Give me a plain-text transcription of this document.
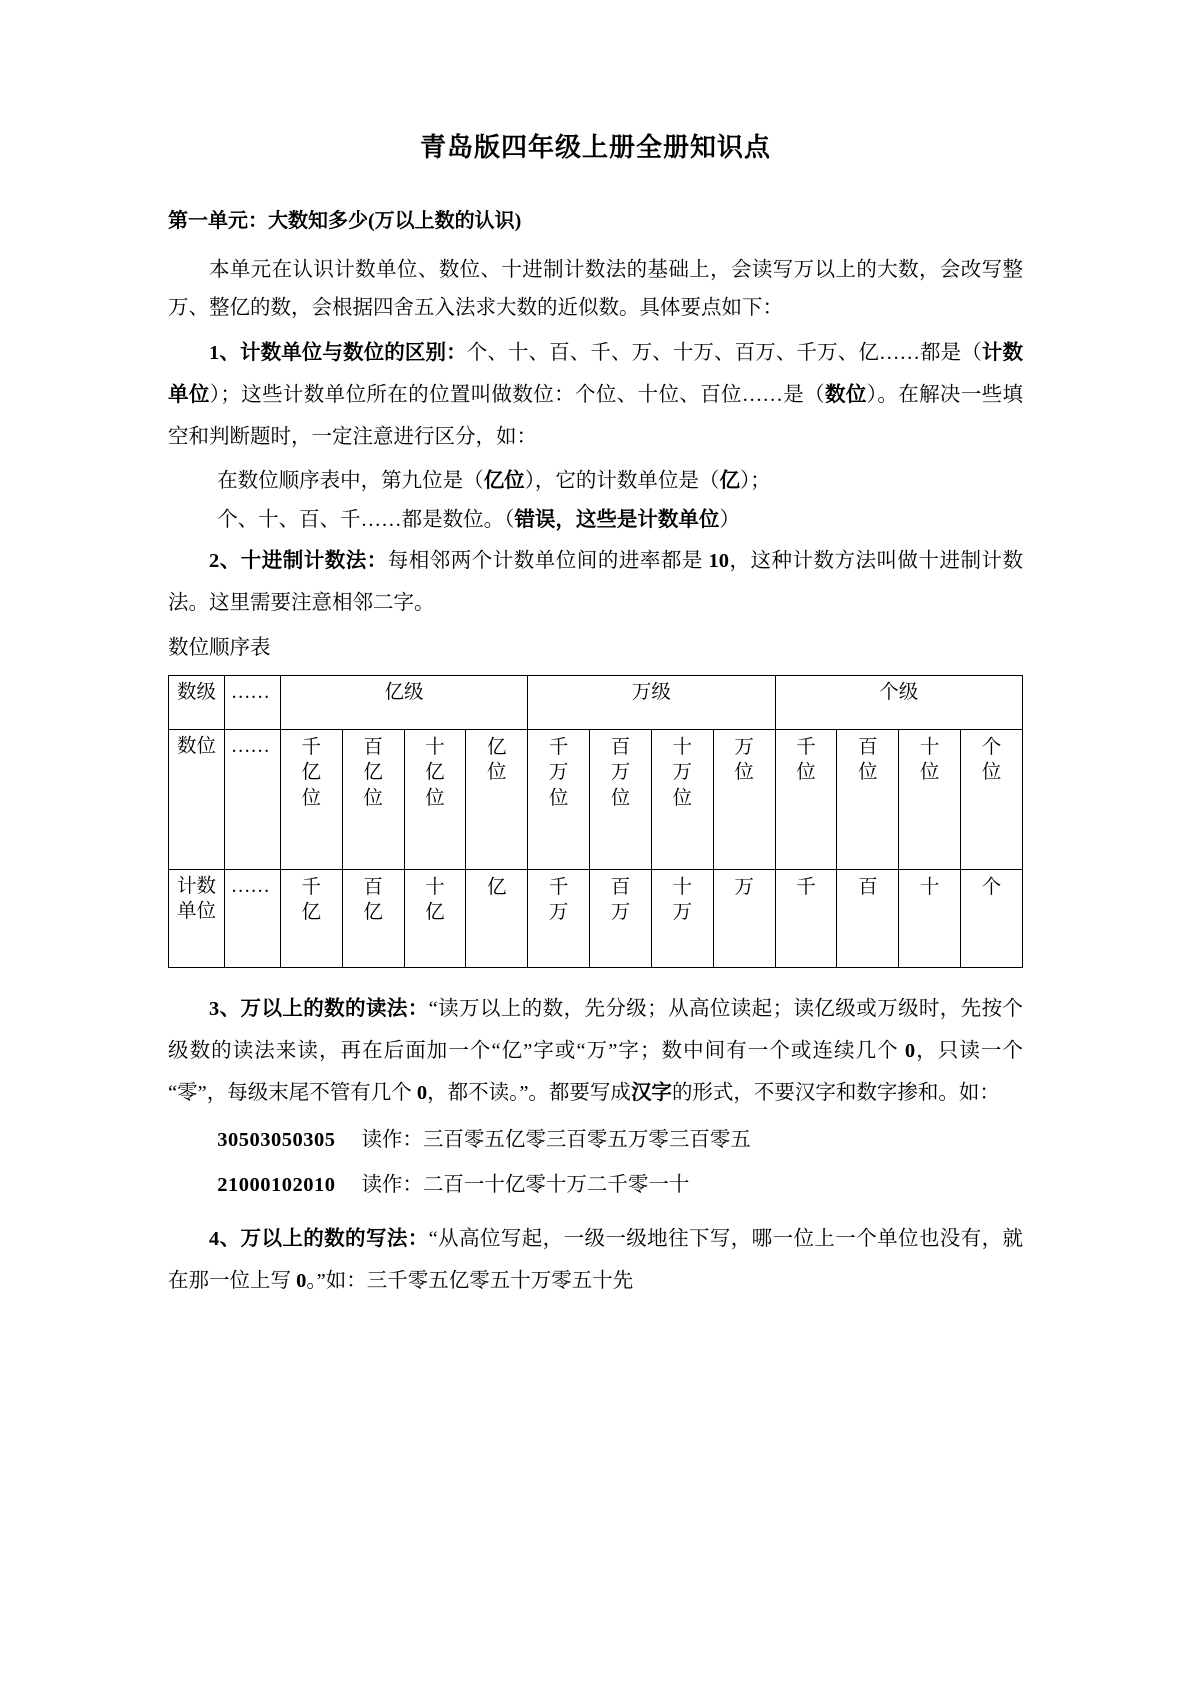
青岛版四年级上册全册知识点
第一单元：大数知多少(万以上数的认识)

本单元在认识计数单位、数位、十进制计数法的基础上，会读写万以上的大数，会改写整万、整亿的数，会根据四舍五入法求大数的近似数。具体要点如下：

1、计数单位与数位的区别：个、十、百、千、万、十万、百万、千万、亿……都是（计数单位）；这些计数单位所在的位置叫做数位：个位、十位、百位……是（数位）。在解决一些填空和判断题时，一定注意进行区分，如：

在数位顺序表中，第九位是（亿位），它的计数单位是（亿）；

个、十、百、千……都是数位。（错误，这些是计数单位）

2、十进制计数法：每相邻两个计数单位间的进率都是 10，这种计数方法叫做十进制计数法。这里需要注意相邻二字。

数位顺序表
数级	……	亿级				万级				个级			
数位	……	千
亿
位	百
亿
位	十
亿
位	亿
位	千
万
位	百
万
位	十
万
位	万
位	千
位	百
位	十
位	个
位

计数单位	……	千
亿	百
亿	十
亿	亿	千
万	百
万	十
万	万	千	百	十	个

3、万以上的数的读法：“读万以上的数，先分级；从高位读起；读亿级或万级时，先按个级数的读法来读，再在后面加一个“亿”字或“万”字；数中间有一个或连续几个 0，只读一个“零”，每级末尾不管有几个 0，都不读。”。都要写成汉字的形式，不要汉字和数字掺和。如：

30503050305 读作：三百零五亿零三百零五万零三百零五
21000102010 读作：二百一十亿零十万二千零一十

4、万以上的数的写法：“从高位写起，一级一级地往下写，哪一位上一个单位也没有，就在那一位上写 0。”如：三千零五亿零五十万零五十先
